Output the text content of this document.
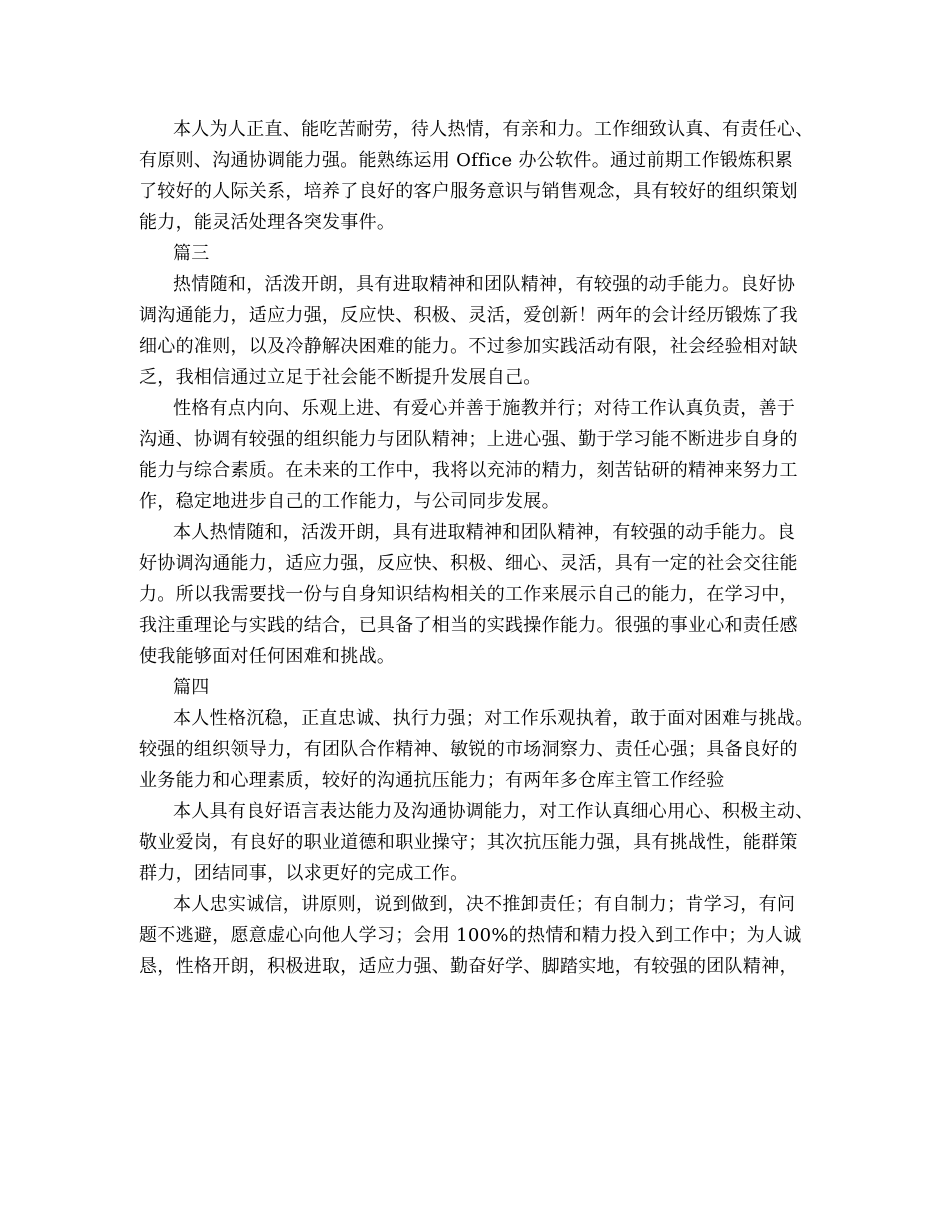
本人为人正直、能吃苦耐劳，待人热情，有亲和力。工作细致认真、有责任心、
有原则、沟通协调能力强。能熟练运用 Office 办公软件。通过前期工作锻炼积累
了较好的人际关系，培养了良好的客户服务意识与销售观念，具有较好的组织策划
能力，能灵活处理各突发事件。
篇三
热情随和，活泼开朗，具有进取精神和团队精神，有较强的动手能力。良好协
调沟通能力，适应力强，反应快、积极、灵活，爱创新！两年的会计经历锻炼了我
细心的准则，以及冷静解决困难的能力。不过参加实践活动有限，社会经验相对缺
乏，我相信通过立足于社会能不断提升发展自己。
性格有点内向、乐观上进、有爱心并善于施教并行；对待工作认真负责，善于
沟通、协调有较强的组织能力与团队精神；上进心强、勤于学习能不断进步自身的
能力与综合素质。在未来的工作中，我将以充沛的精力，刻苦钻研的精神来努力工
作，稳定地进步自己的工作能力，与公司同步发展。
本人热情随和，活泼开朗，具有进取精神和团队精神，有较强的动手能力。良
好协调沟通能力，适应力强，反应快、积极、细心、灵活，具有一定的社会交往能
力。所以我需要找一份与自身知识结构相关的工作来展示自己的能力，在学习中，
我注重理论与实践的结合，已具备了相当的实践操作能力。很强的事业心和责任感
使我能够面对任何困难和挑战。
篇四
本人性格沉稳，正直忠诚、执行力强；对工作乐观执着，敢于面对困难与挑战。
较强的组织领导力，有团队合作精神、敏锐的市场洞察力、责任心强；具备良好的
业务能力和心理素质，较好的沟通抗压能力；有两年多仓库主管工作经验
本人具有良好语言表达能力及沟通协调能力，对工作认真细心用心、积极主动、
敬业爱岗，有良好的职业道德和职业操守；其次抗压能力强，具有挑战性，能群策
群力，团结同事，以求更好的完成工作。
本人忠实诚信，讲原则，说到做到，决不推卸责任；有自制力；肯学习，有问
题不逃避，愿意虚心向他人学习；会用 100%的热情和精力投入到工作中；为人诚
恳，性格开朗，积极进取，适应力强、勤奋好学、脚踏实地，有较强的团队精神，
